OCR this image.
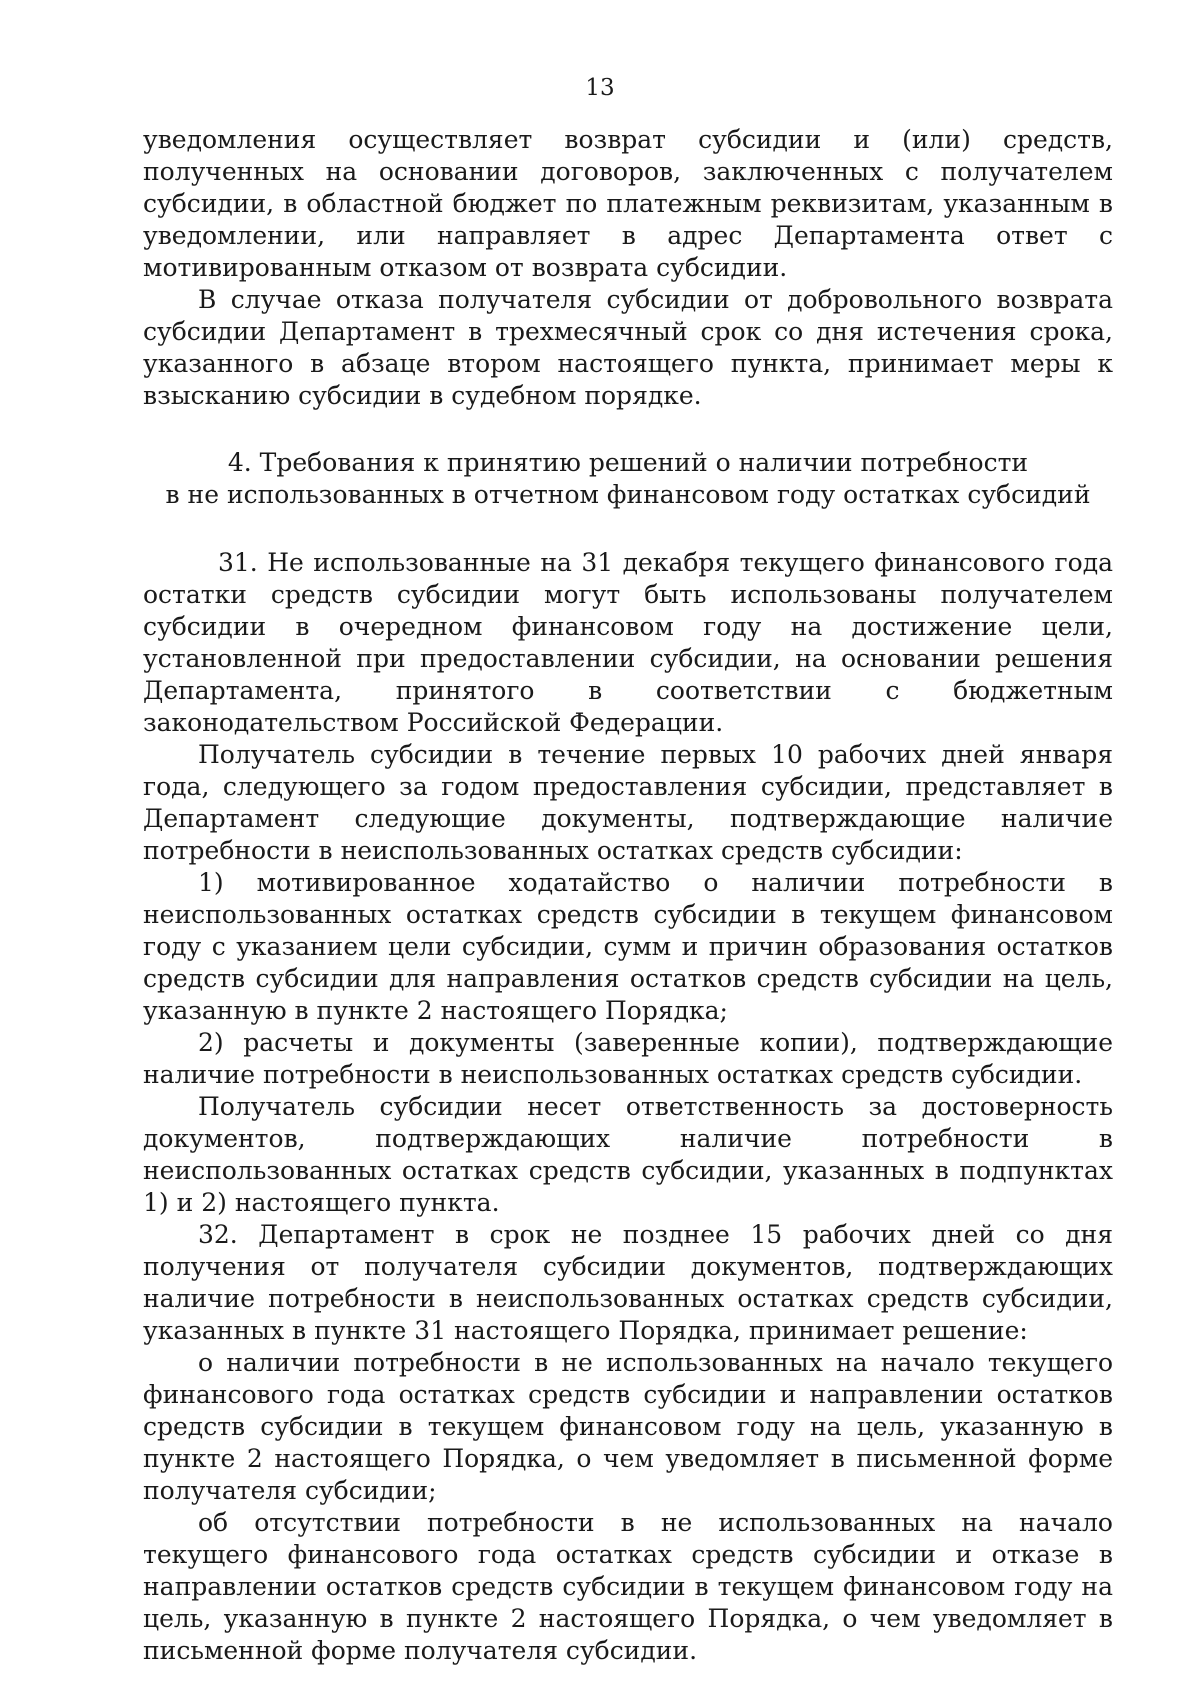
13

уведомления осуществляет возврат субсидии и (или) средств, полученных на основании договоров, заключенных с получателем субсидии, в областной бюджет по платежным реквизитам, указанным в уведомлении, или направляет в адрес Департамента ответ с мотивированным отказом от возврата субсидии.

В случае отказа получателя субсидии от добровольного возврата субсидии Департамент в трехмесячный срок со дня истечения срока, указанного в абзаце втором настоящего пункта, принимает меры к взысканию субсидии в судебном порядке.

4. Требования к принятию решений о наличии потребности
в не использованных в отчетном финансовом году остатках субсидий

31. Не использованные на 31 декабря текущего финансового года остатки средств субсидии могут быть использованы получателем субсидии в очередном финансовом году на достижение цели, установленной при предоставлении субсидии, на основании решения Департамента, принятого в соответствии с бюджетным законодательством Российской Федерации.

Получатель субсидии в течение первых 10 рабочих дней января года, следующего за годом предоставления субсидии, представляет в Департамент следующие документы, подтверждающие наличие потребности в неиспользованных остатках средств субсидии:

1) мотивированное ходатайство о наличии потребности в неиспользованных остатках средств субсидии в текущем финансовом году с указанием цели субсидии, сумм и причин образования остатков средств субсидии для направления остатков средств субсидии на цель, указанную в пункте 2 настоящего Порядка;

2) расчеты и документы (заверенные копии), подтверждающие наличие потребности в неиспользованных остатках средств субсидии.

Получатель субсидии несет ответственность за достоверность документов, подтверждающих наличие потребности в неиспользованных остатках средств субсидии, указанных в подпунктах 1) и 2) настоящего пункта.

32. Департамент в срок не позднее 15 рабочих дней со дня получения от получателя субсидии документов, подтверждающих наличие потребности в неиспользованных остатках средств субсидии, указанных в пункте 31 настоящего Порядка, принимает решение:

о наличии потребности в не использованных на начало текущего финансового года остатках средств субсидии и направлении остатков средств субсидии в текущем финансовом году на цель, указанную в пункте 2 настоящего Порядка, о чем уведомляет в письменной форме получателя субсидии;

об отсутствии потребности в не использованных на начало текущего финансового года остатках средств субсидии и отказе в направлении остатков средств субсидии в текущем финансовом году на цель, указанную в пункте 2 настоящего Порядка, о чем уведомляет в письменной форме получателя субсидии.
